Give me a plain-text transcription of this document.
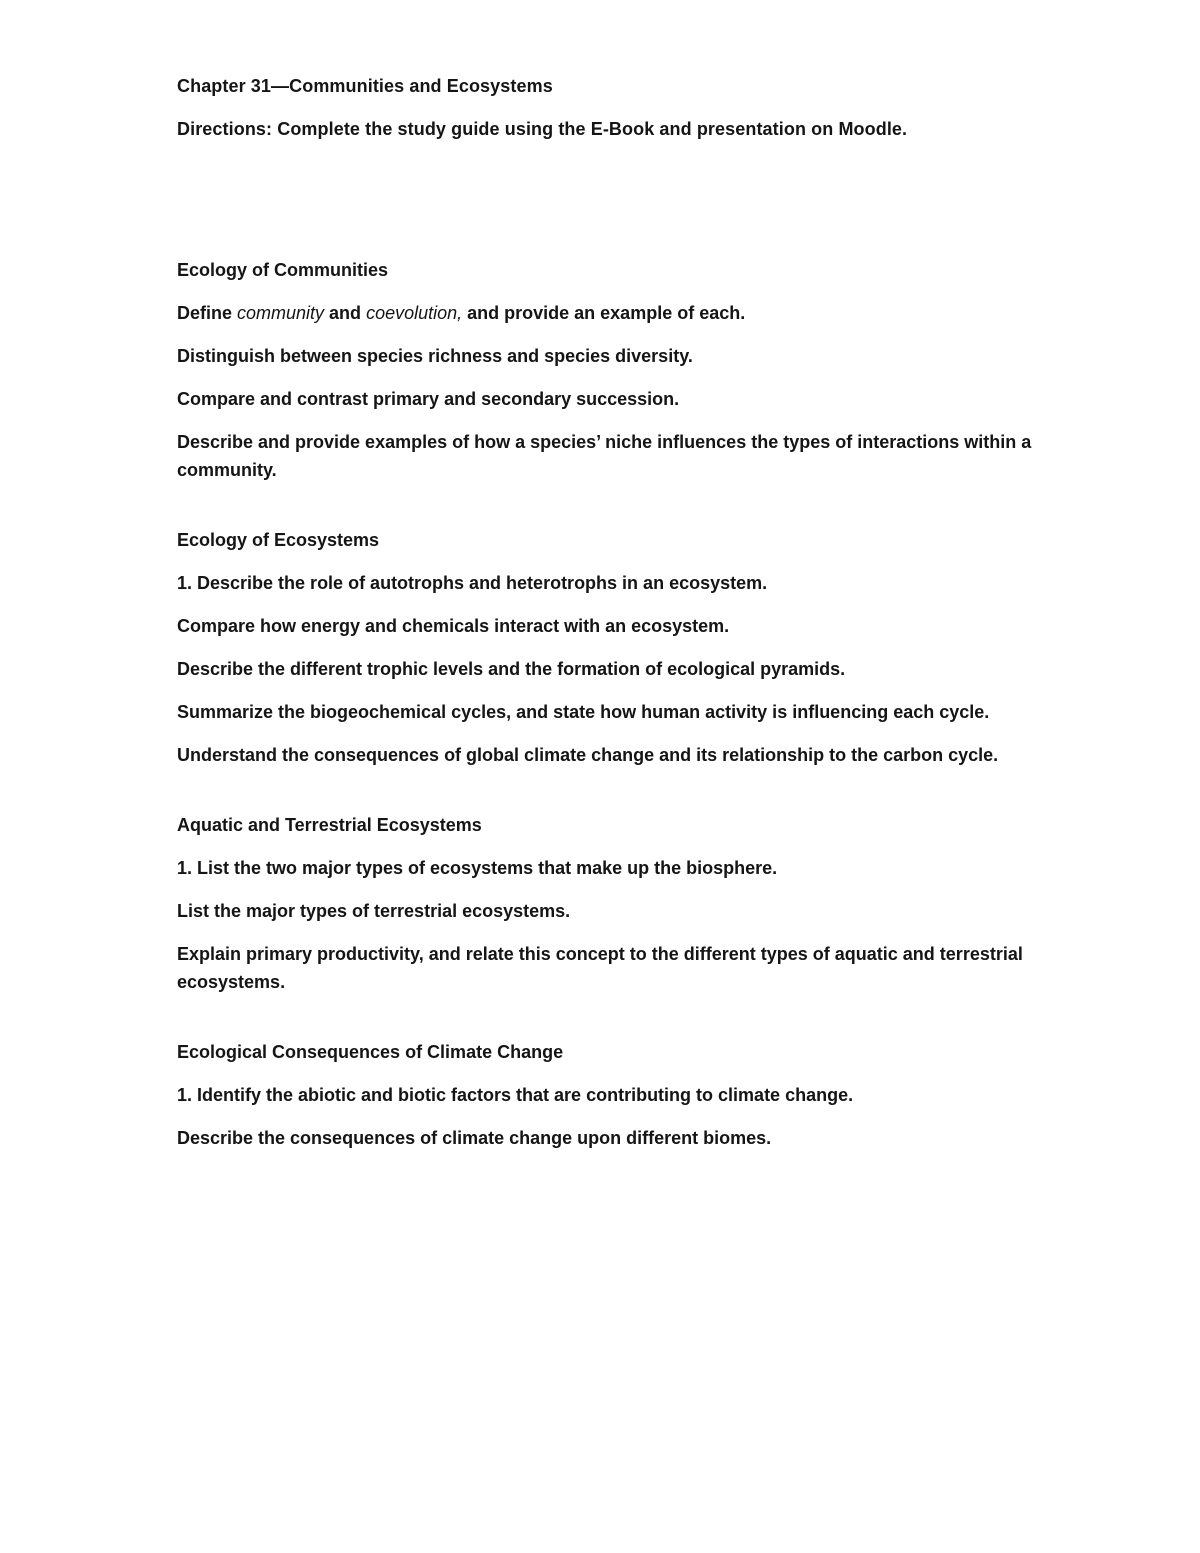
Chapter 31—Communities and Ecosystems
Directions: Complete the study guide using the E-Book and presentation on Moodle.
Ecology of Communities
Define community and coevolution, and provide an example of each.
Distinguish between species richness and species diversity.
Compare and contrast primary and secondary succession.
Describe and provide examples of how a species’ niche influences the types of interactions within a community.
Ecology of Ecosystems
1. Describe the role of autotrophs and heterotrophs in an ecosystem.
Compare how energy and chemicals interact with an ecosystem.
Describe the different trophic levels and the formation of ecological pyramids.
Summarize the biogeochemical cycles, and state how human activity is influencing each cycle.
Understand the consequences of global climate change and its relationship to the carbon cycle.
Aquatic and Terrestrial Ecosystems
1. List the two major types of ecosystems that make up the biosphere.
List the major types of terrestrial ecosystems.
Explain primary productivity, and relate this concept to the different types of aquatic and terrestrial ecosystems.
Ecological Consequences of Climate Change
1. Identify the abiotic and biotic factors that are contributing to climate change.
Describe the consequences of climate change upon different biomes.
